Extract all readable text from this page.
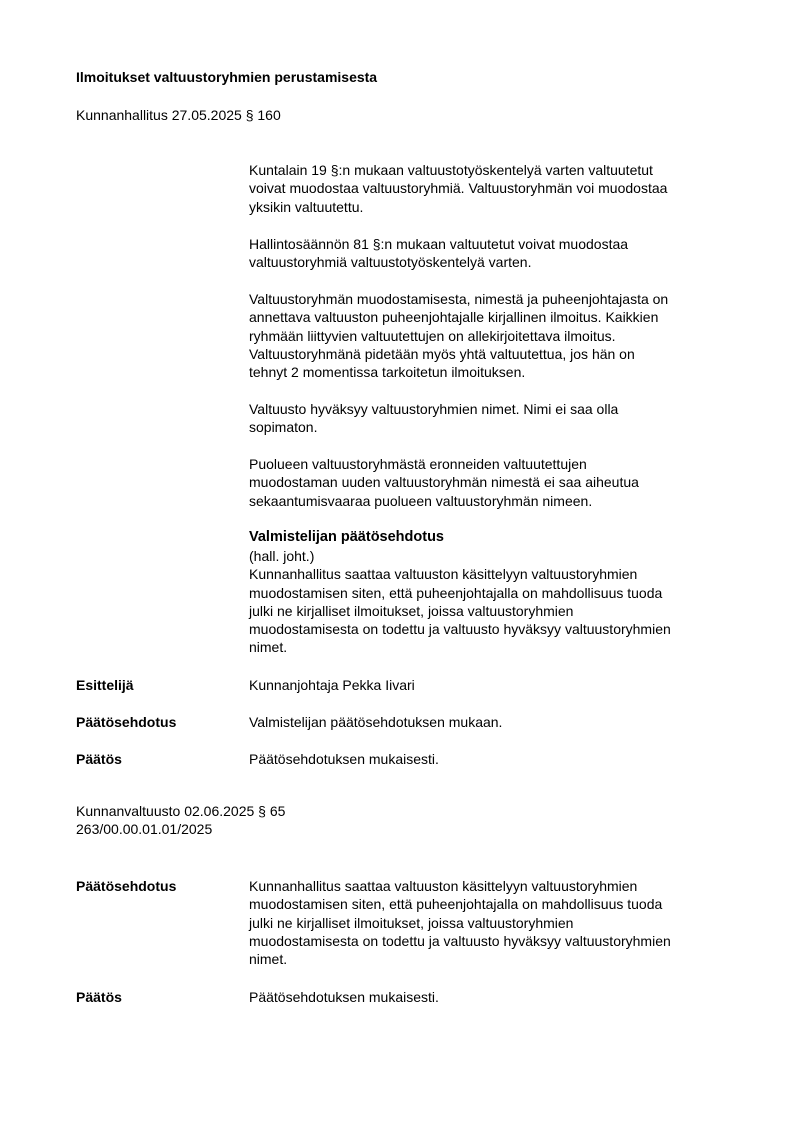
Ilmoitukset valtuustoryhmien perustamisesta
Kunnanhallitus 27.05.2025 § 160

Kuntalain 19 §:n mukaan valtuustotyöskentelyä varten valtuutetut
voivat muodostaa valtuustoryhmiä. Valtuustoryhmän voi muodostaa
yksikin valtuutettu.

Hallintosäännön 81 §:n mukaan valtuutetut voivat muodostaa
valtuustoryhmiä valtuustotyöskentelyä varten.

Valtuustoryhmän muodostamisesta, nimestä ja puheenjohtajasta on
annettava valtuuston puheenjohtajalle kirjallinen ilmoitus. Kaikkien
ryhmään liittyvien valtuutettujen on allekirjoitettava ilmoitus.
Valtuustoryhmänä pidetään myös yhtä valtuutettua, jos hän on
tehnyt 2 momentissa tarkoitetun ilmoituksen.

Valtuusto hyväksyy valtuustoryhmien nimet. Nimi ei saa olla
sopimaton.

Puolueen valtuustoryhmästä eronneiden valtuutettujen
muodostaman uuden valtuustoryhmän nimestä ei saa aiheutua
sekaantumisvaaraa puolueen valtuustoryhmän nimeen.

Valmistelijan päätösehdotus

(hall. joht.)

Kunnanhallitus saattaa valtuuston käsittelyyn valtuustoryhmien
muodostamisen siten, että puheenjohtajalla on mahdollisuus tuoda
julki ne kirjalliset ilmoitukset, joissa valtuustoryhmien
muodostamisesta on todettu ja valtuusto hyväksyy valtuustoryhmien
nimet.

Esittelijä	Kunnanjohtaja Pekka Iivari
Päätösehdotus	Valmistelijan päätösehdotuksen mukaan.
Päätös	Päätösehdotuksen mukaisesti.
Kunnanvaltuusto 02.06.2025 § 65
263/00.00.01.01/2025
Päätösehdotus	Kunnanhallitus saattaa valtuuston käsittelyyn valtuustoryhmien
muodostamisen siten, että puheenjohtajalla on mahdollisuus tuoda
julki ne kirjalliset ilmoitukset, joissa valtuustoryhmien
muodostamisesta on todettu ja valtuusto hyväksyy valtuustoryhmien
nimet.
Päätös	Päätösehdotuksen mukaisesti.
